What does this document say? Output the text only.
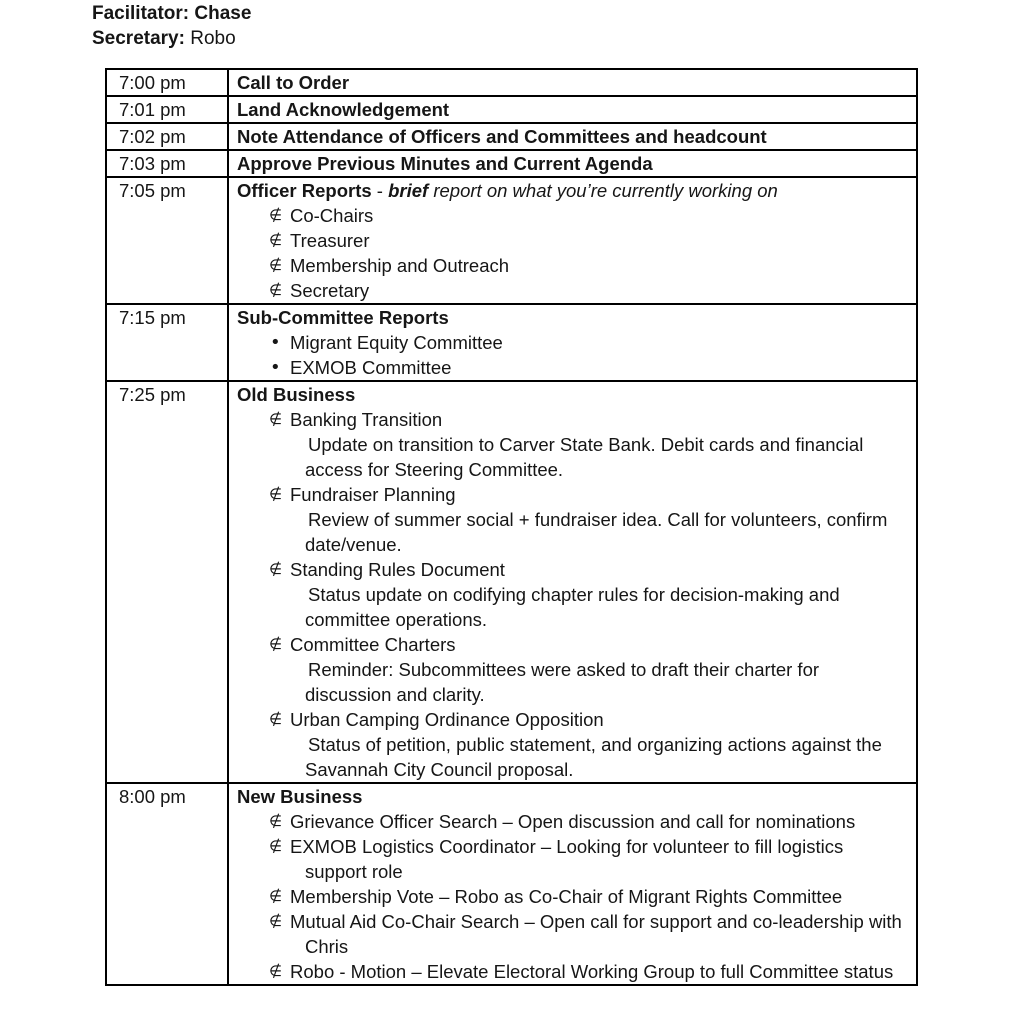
Facilitator: Chase
Secretary: Robo
7:00 pm	Call to Order

7:01 pm	Land Acknowledgement

7:02 pm	Note Attendance of Officers and Committees and headcount

7:03 pm	Approve Previous Minutes and Current Agenda

7:05 pm	Officer Reports - brief report on what you’re currently working on
∉ Co-Chairs
∉ Treasurer
∉ Membership and Outreach
∉ Secretary

7:15 pm	Sub-Committee Reports
• Migrant Equity Committee
• EXMOB Committee

7:25 pm	Old Business
∉ Banking Transition
Update on transition to Carver State Bank. Debit cards and financial access for Steering Committee.
∉ Fundraiser Planning
Review of summer social + fundraiser idea. Call for volunteers, confirm date/venue.
∉ Standing Rules Document
Status update on codifying chapter rules for decision-making and committee operations.
∉ Committee Charters
Reminder: Subcommittees were asked to draft their charter for discussion and clarity.
∉ Urban Camping Ordinance Opposition
Status of petition, public statement, and organizing actions against the Savannah City Council proposal.

8:00 pm	New Business
∉ Grievance Officer Search – Open discussion and call for nominations
∉ EXMOB Logistics Coordinator – Looking for volunteer to fill logistics support role
∉ Membership Vote – Robo as Co-Chair of Migrant Rights Committee
∉ Mutual Aid Co-Chair Search – Open call for support and co-leadership with Chris
∉ Robo - Motion – Elevate Electoral Working Group to full Committee status
